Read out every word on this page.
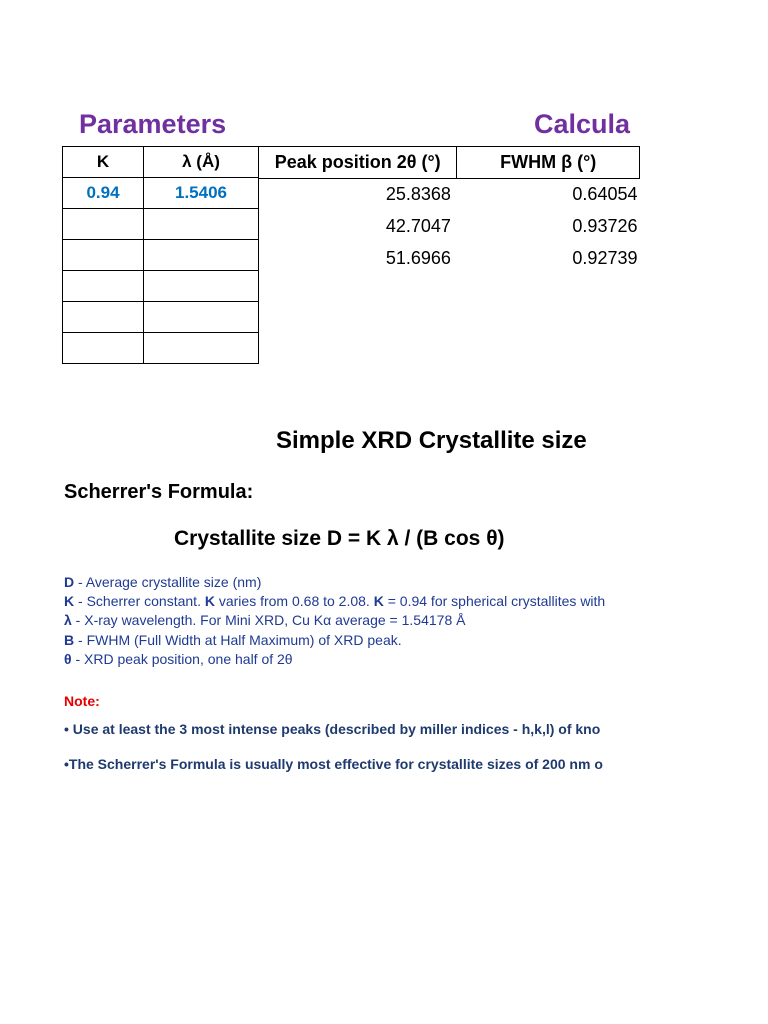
Parameters	Calcula
K	λ (Å)
0.94	1.5406

Peak position 2θ (°)	FWHM β (°)
25.8368	0.64054
42.7047	0.93726
51.6966	0.92739
Simple XRD Crystallite size
Scherrer's Formula:
Crystallite size D = K λ / (B cos θ)
D - Average crystallite size (nm)
K - Scherrer constant. K varies from 0.68 to 2.08. K = 0.94 for spherical crystallites with
λ - X-ray wavelength. For Mini XRD, Cu Kα average = 1.54178 Å
B - FWHM (Full Width at Half Maximum) of XRD peak.
θ - XRD peak position, one half of 2θ
Note:
• Use at least the 3 most intense peaks (described by miller indices - h,k,l) of kno
•The Scherrer's Formula is usually most effective for crystallite sizes of 200 nm o
